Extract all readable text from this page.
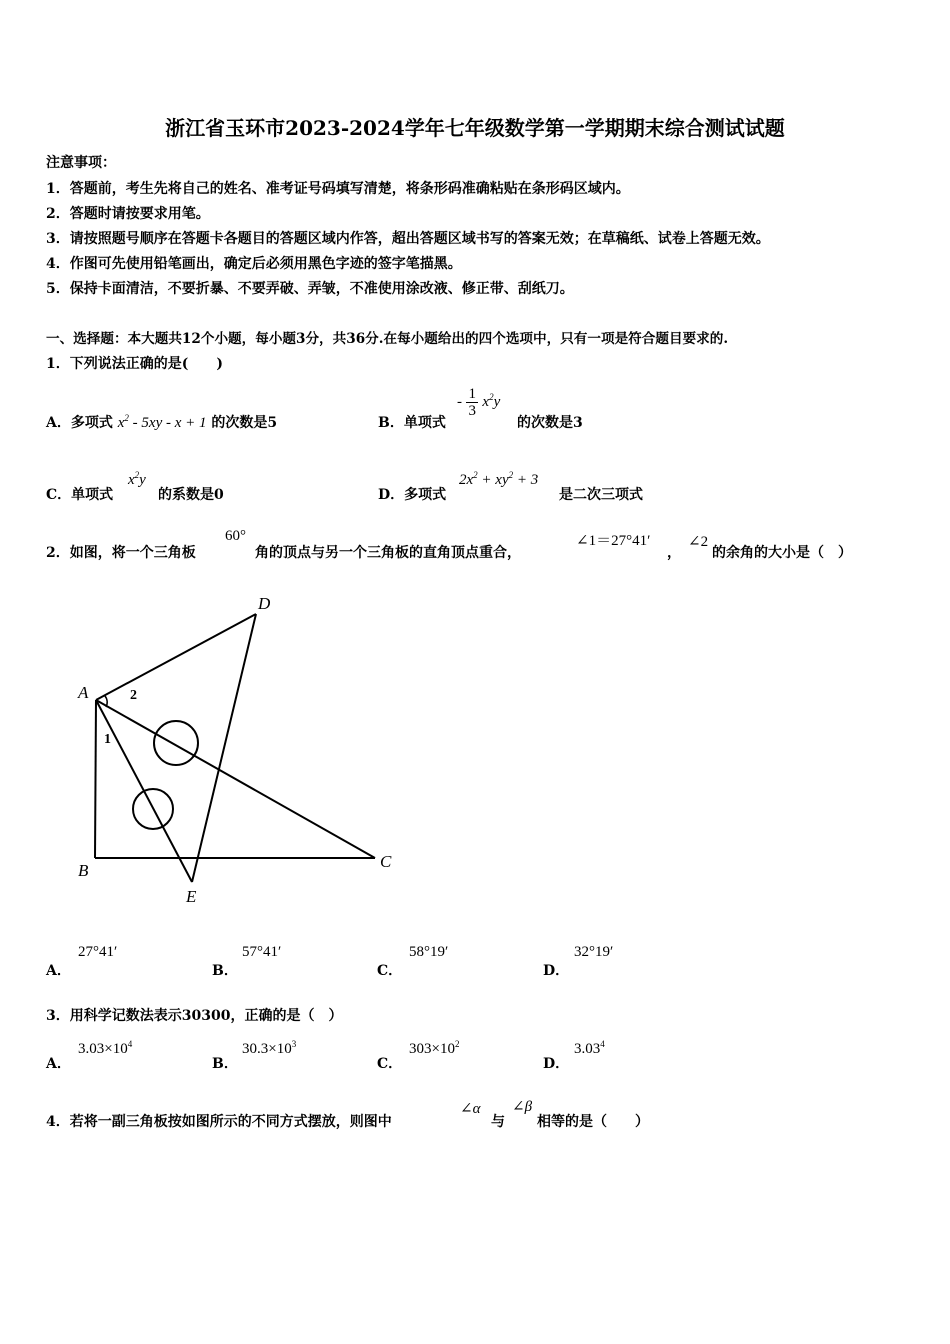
浙江省玉环市2023-2024学年七年级数学第一学期期末综合测试试题
注意事项：
1．答题前，考生先将自己的姓名、准考证号码填写清楚，将条形码准确粘贴在条形码区域内。
2．答题时请按要求用笔。
3．请按照题号顺序在答题卡各题目的答题区域内作答，超出答题区域书写的答案无效；在草稿纸、试卷上答题无效。
4．作图可先使用铅笔画出，确定后必须用黑色字迹的签字笔描黑。
5．保持卡面清洁，不要折暴、不要弄破、弄皱，不准使用涂改液、修正带、刮纸刀。
一、选择题：本大题共12个小题，每小题3分，共36分.在每小题给出的四个选项中，只有一项是符合题目要求的.
1．下列说法正确的是(　　)
A．多项式 $x^2 - 5xy - x + 1$ 的次数是5	B．单项式
- $\frac{1}{3} x^2y$
的次数是3
C．单项式
$x^2y$
的系数是0	D．多项式
$2x^2 + xy^2 + 3$
是二次三项式
2．如图，将一个三角板
60°
角的顶点与另一个三角板的直角顶点重合，
∠1＝27°41′
，
∠2
的余角的大小是（　）
A
B	C
D
E
1
2
A．
27°41′
B．
57°41′
C．
58°19′
D．
32°19′
3．用科学记数法表示30300，正确的是（　）
A．
$3.03\times 10^4$
B．
$30.3\times 10^3$
C．
$303\times 10^2$
D．
3.03$^4$
4．若将一副三角板按如图所示的不同方式摆放，则图中
∠α
与
∠β
相等的是（　　）
